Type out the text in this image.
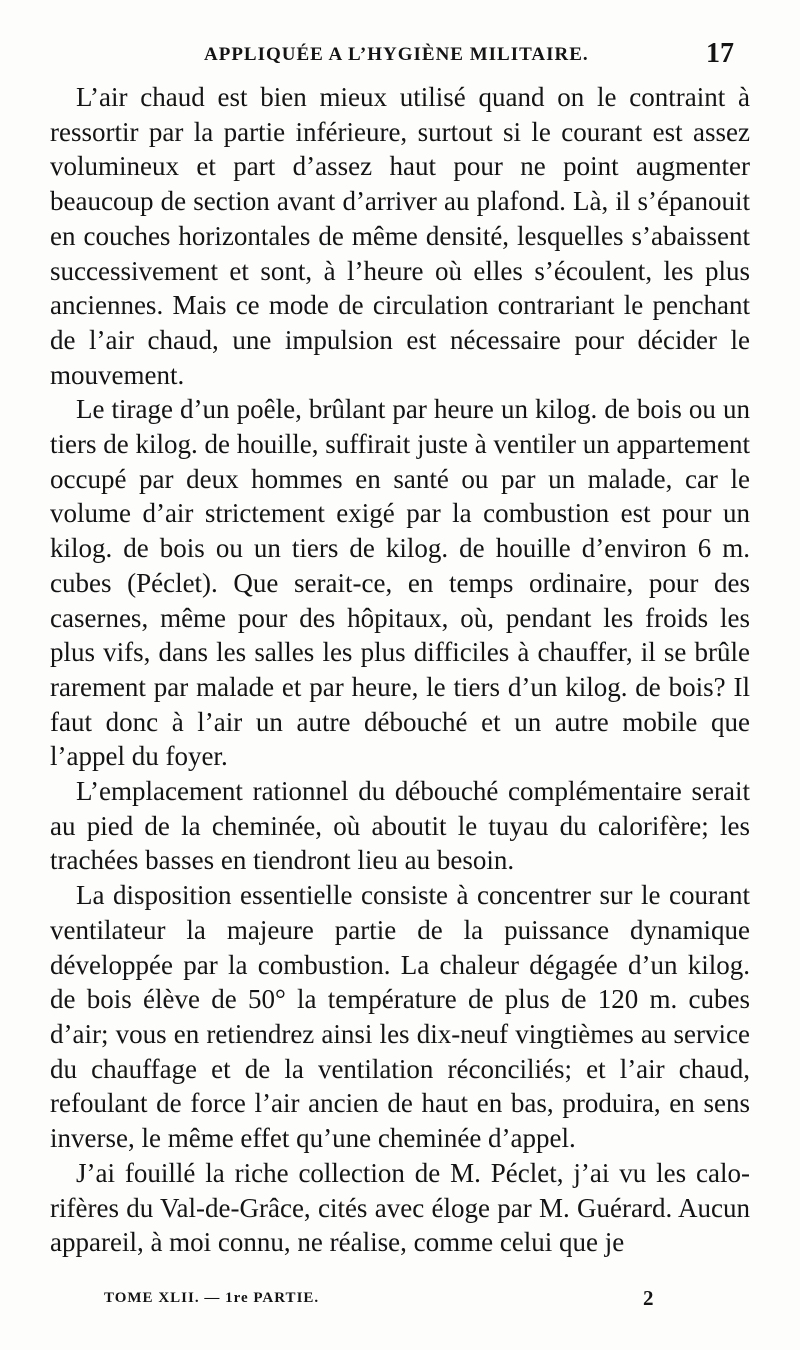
APPLIQUÉE A L’HYGIÈNE MILITAIRE.	17

L’air chaud est bien mieux utilisé quand on le contraint à ressortir par la partie inférieure, surtout si le courant est assez volumineux et part d’assez haut pour ne point augmenter beaucoup de section avant d’arriver au plafond. Là, il s’épanouit en couches horizontales de même densité, lesquelles s’abaissent successivement et sont, à l’heure où elles s’écoulent, les plus anciennes. Mais ce mode de circulation contrariant le penchant de l’air chaud, une impulsion est nécessaire pour décider le mouvement.

Le tirage d’un poêle, brûlant par heure un kilog. de bois ou un tiers de kilog. de houille, suffirait juste à ventiler un appartement occupé par deux hommes en santé ou par un malade, car le volume d’air strictement exigé par la combustion est pour un kilog. de bois ou un tiers de kilog. de houille d’environ 6 m. cubes (Péclet). Que serait-ce, en temps ordinaire, pour des casernes, même pour des hôpitaux, où, pendant les froids les plus vifs, dans les salles les plus difficiles à chauffer, il se brûle rarement par malade et par heure, le tiers d’un kilog. de bois? Il faut donc à l’air un autre débouché et un autre mobile que l’appel du foyer.

L’emplacement rationnel du débouché complémentaire serait au pied de la cheminée, où aboutit le tuyau du calorifère; les trachées basses en tiendront lieu au besoin.

La disposition essentielle consiste à concentrer sur le courant ventilateur la majeure partie de la puissance dynamique développée par la combustion. La chaleur dégagée d’un kilog. de bois élève de 50° la température de plus de 120 m. cubes d’air; vous en retiendrez ainsi les dix-neuf vingtièmes au service du chauffage et de la ventilation réconciliés; et l’air chaud, refoulant de force l’air ancien de haut en bas, produira, en sens inverse, le même effet qu’une cheminée d’appel.

J’ai fouillé la riche collection de M. Péclet, j’ai vu les calorifères du Val-de-Grâce, cités avec éloge par M. Guérard. Aucun appareil, à moi connu, ne réalise, comme celui que je

TOME XLII. — 1re PARTIE.	2
